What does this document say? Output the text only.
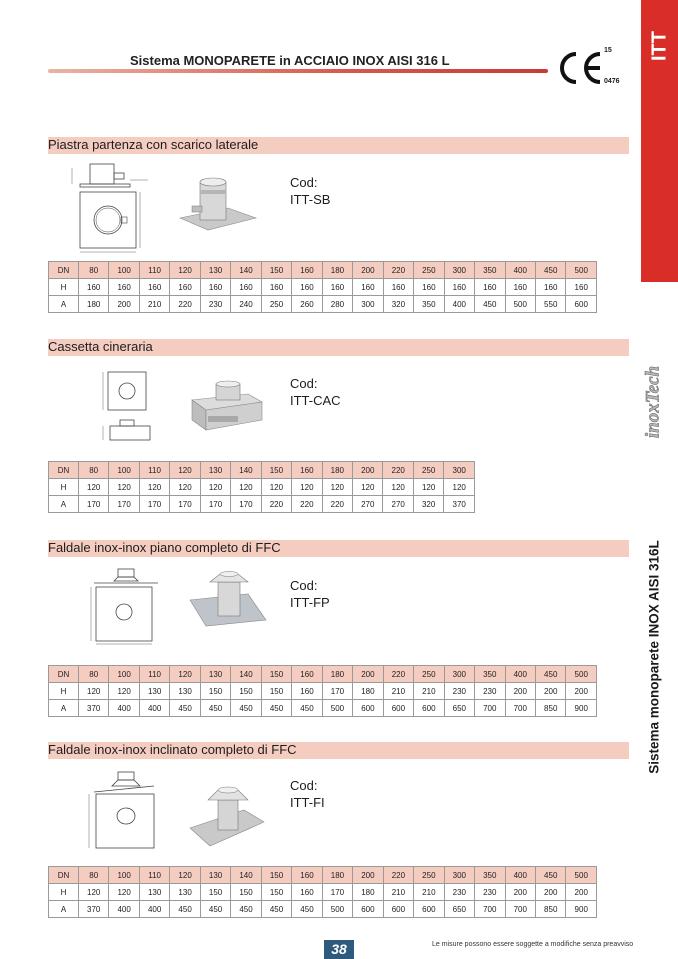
Sistema MONOPARETE in ACCIAIO INOX AISI 316 L
15
0476
ITT
inoxTech
Sistema monoparete INOX AISI 316L
Piastra partenza con scarico laterale
Cod:
ITT-SB
DN	80	100	110	120	130	140	150	160	180	200	220	250	300	350	400	450	500
H	160	160	160	160	160	160	160	160	160	160	160	160	160	160	160	160	160
A	180	200	210	220	230	240	250	260	280	300	320	350	400	450	500	550	600
Cassetta cineraria
Cod:
ITT-CAC
DN	80	100	110	120	130	140	150	160	180	200	220	250	300
H	120	120	120	120	120	120	120	120	120	120	120	120	120
A	170	170	170	170	170	170	220	220	220	270	270	320	370
Faldale inox-inox piano completo di FFC
Cod:
ITT-FP
DN	80	100	110	120	130	140	150	160	180	200	220	250	300	350	400	450	500
H	120	120	130	130	150	150	150	160	170	180	210	210	230	230	200	200	200
A	370	400	400	450	450	450	450	450	500	600	600	600	650	700	700	850	900
Faldale inox-inox inclinato completo di FFC
Cod:
ITT-FI
DN	80	100	110	120	130	140	150	160	180	200	220	250	300	350	400	450	500
H	120	120	130	130	150	150	150	160	170	180	210	210	230	230	200	200	200
A	370	400	400	450	450	450	450	450	500	600	600	600	650	700	700	850	900
38	Le misure possono essere soggette a modifiche senza preavviso
